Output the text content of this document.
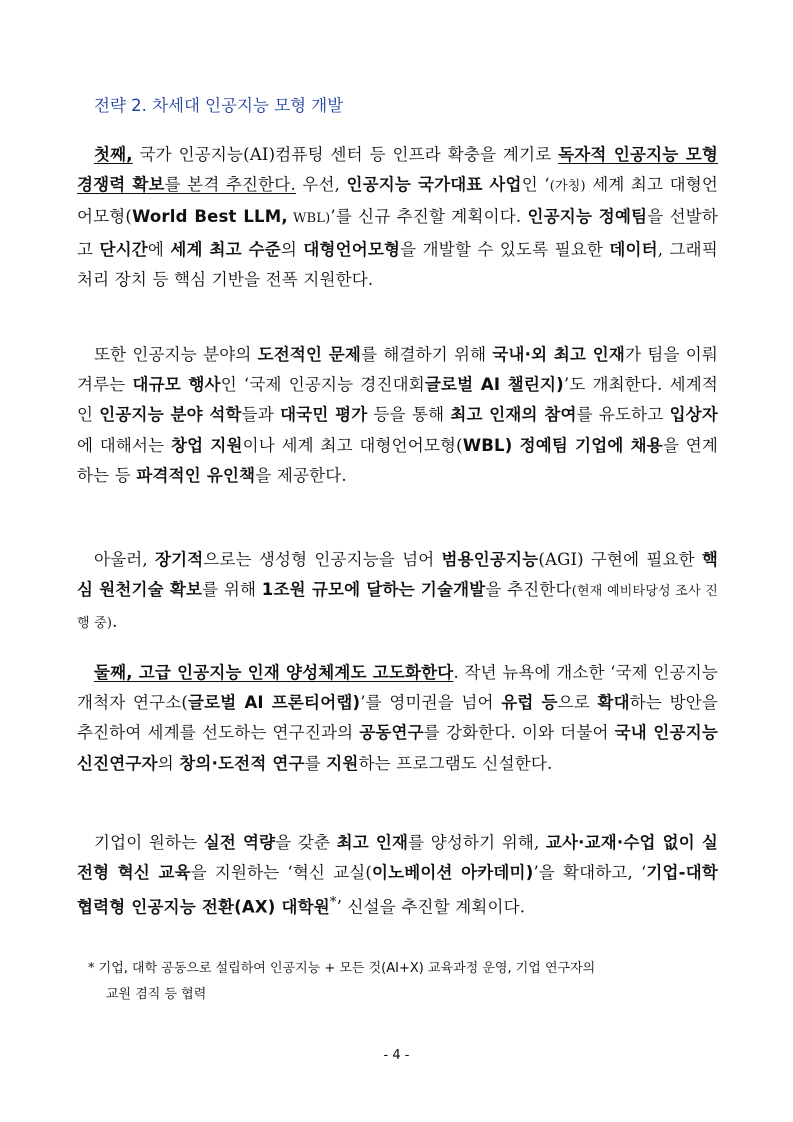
전략 2. 차세대 인공지능 모형 개발
첫째, 국가 인공지능(AI)컴퓨팅 센터 등 인프라 확충을 계기로 독자적 인공지능 모형 경쟁력 확보를 본격 추진한다. 우선, 인공지능 국가대표 사업인 ‘(가칭) 세계 최고 대형언어모형(World Best LLM, WBL)’를 신규 추진할 계획이다. 인공지능 정예팀을 선발하고 단시간에 세계 최고 수준의 대형언어모형을 개발할 수 있도록 필요한 데이터, 그래픽 처리 장치 등 핵심 기반을 전폭 지원한다.
또한 인공지능 분야의 도전적인 문제를 해결하기 위해 국내·외 최고 인재가 팀을 이뤄 겨루는 대규모 행사인 ‘국제 인공지능 경진대회글로벌 AI 챌린지)’도 개최한다. 세계적인 인공지능 분야 석학들과 대국민 평가 등을 통해 최고 인재의 참여를 유도하고 입상자에 대해서는 창업 지원이나 세계 최고 대형언어모형(WBL) 정예팀 기업에 채용을 연계하는 등 파격적인 유인책을 제공한다.
아울러, 장기적으로는 생성형 인공지능을 넘어 범용인공지능(AGI) 구현에 필요한 핵심 원천기술 확보를 위해 1조원 규모에 달하는 기술개발을 추진한다(현재 예비타당성 조사 진행 중).
둘째, 고급 인공지능 인재 양성체계도 고도화한다. 작년 뉴욕에 개소한 ‘국제 인공지능 개척자 연구소(글로벌 AI 프론티어랩)’를 영미권을 넘어 유럽 등으로 확대하는 방안을 추진하여 세계를 선도하는 연구진과의 공동연구를 강화한다. 이와 더불어 국내 인공지능 신진연구자의 창의·도전적 연구를 지원하는 프로그램도 신설한다.
기업이 원하는 실전 역량을 갖춘 최고 인재를 양성하기 위해, 교사·교재·수업 없이 실전형 혁신 교육을 지원하는 ‘혁신 교실(이노베이션 아카데미)’을 확대하고, ‘기업-대학 협력형 인공지능 전환(AX) 대학원*’ 신설을 추진할 계획이다.
* 기업, 대학 공동으로 설립하여 인공지능 + 모든 것(AI+X) 교육과정 운영, 기업 연구자의
교원 겸직 등 협력
- 4 -
